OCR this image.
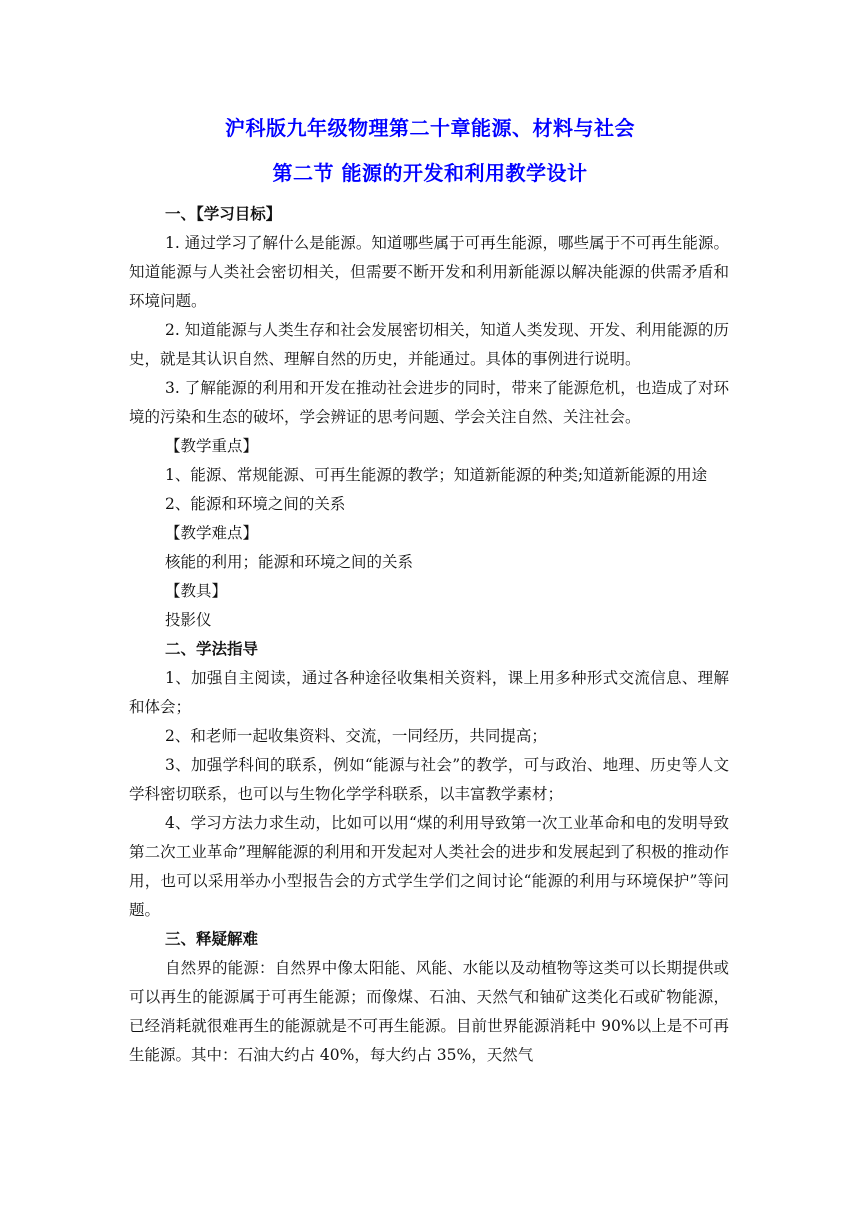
沪科版九年级物理第二十章能源、材料与社会
第二节 能源的开发和利用教学设计

一、【学习目标】

1. 通过学习了解什么是能源。知道哪些属于可再生能源，哪些属于不可再生能源。知道能源与人类社会密切相关，但需要不断开发和利用新能源以解决能源的供需矛盾和环境问题。

2. 知道能源与人类生存和社会发展密切相关，知道人类发现、开发、利用能源的历史，就是其认识自然、理解自然的历史，并能通过。具体的事例进行说明。

3. 了解能源的利用和开发在推动社会进步的同时，带来了能源危机，也造成了对环境的污染和生态的破坏，学会辨证的思考问题、学会关注自然、关注社会。

【教学重点】

1、能源、常规能源、可再生能源的教学；知道新能源的种类;知道新能源的用途

2、能源和环境之间的关系

【教学难点】

核能的利用；能源和环境之间的关系

【教具】

投影仪

二、学法指导

1、加强自主阅读，通过各种途径收集相关资料，课上用多种形式交流信息、理解和体会；

2、和老师一起收集资料、交流，一同经历，共同提高；

3、加强学科间的联系，例如“能源与社会”的教学，可与政治、地理、历史等人文学科密切联系，也可以与生物化学学科联系，以丰富教学素材；

4、学习方法力求生动，比如可以用“煤的利用导致第一次工业革命和电的发明导致第二次工业革命”理解能源的利用和开发起对人类社会的进步和发展起到了积极的推动作用，也可以采用举办小型报告会的方式学生学们之间讨论“能源的利用与环境保护”等问题。

三、释疑解难

自然界的能源：自然界中像太阳能、风能、水能以及动植物等这类可以长期提供或可以再生的能源属于可再生能源；而像煤、石油、天然气和铀矿这类化石或矿物能源，已经消耗就很难再生的能源就是不可再生能源。目前世界能源消耗中 90%以上是不可再生能源。其中：石油大约占 40%，每大约占 35%，天然气
